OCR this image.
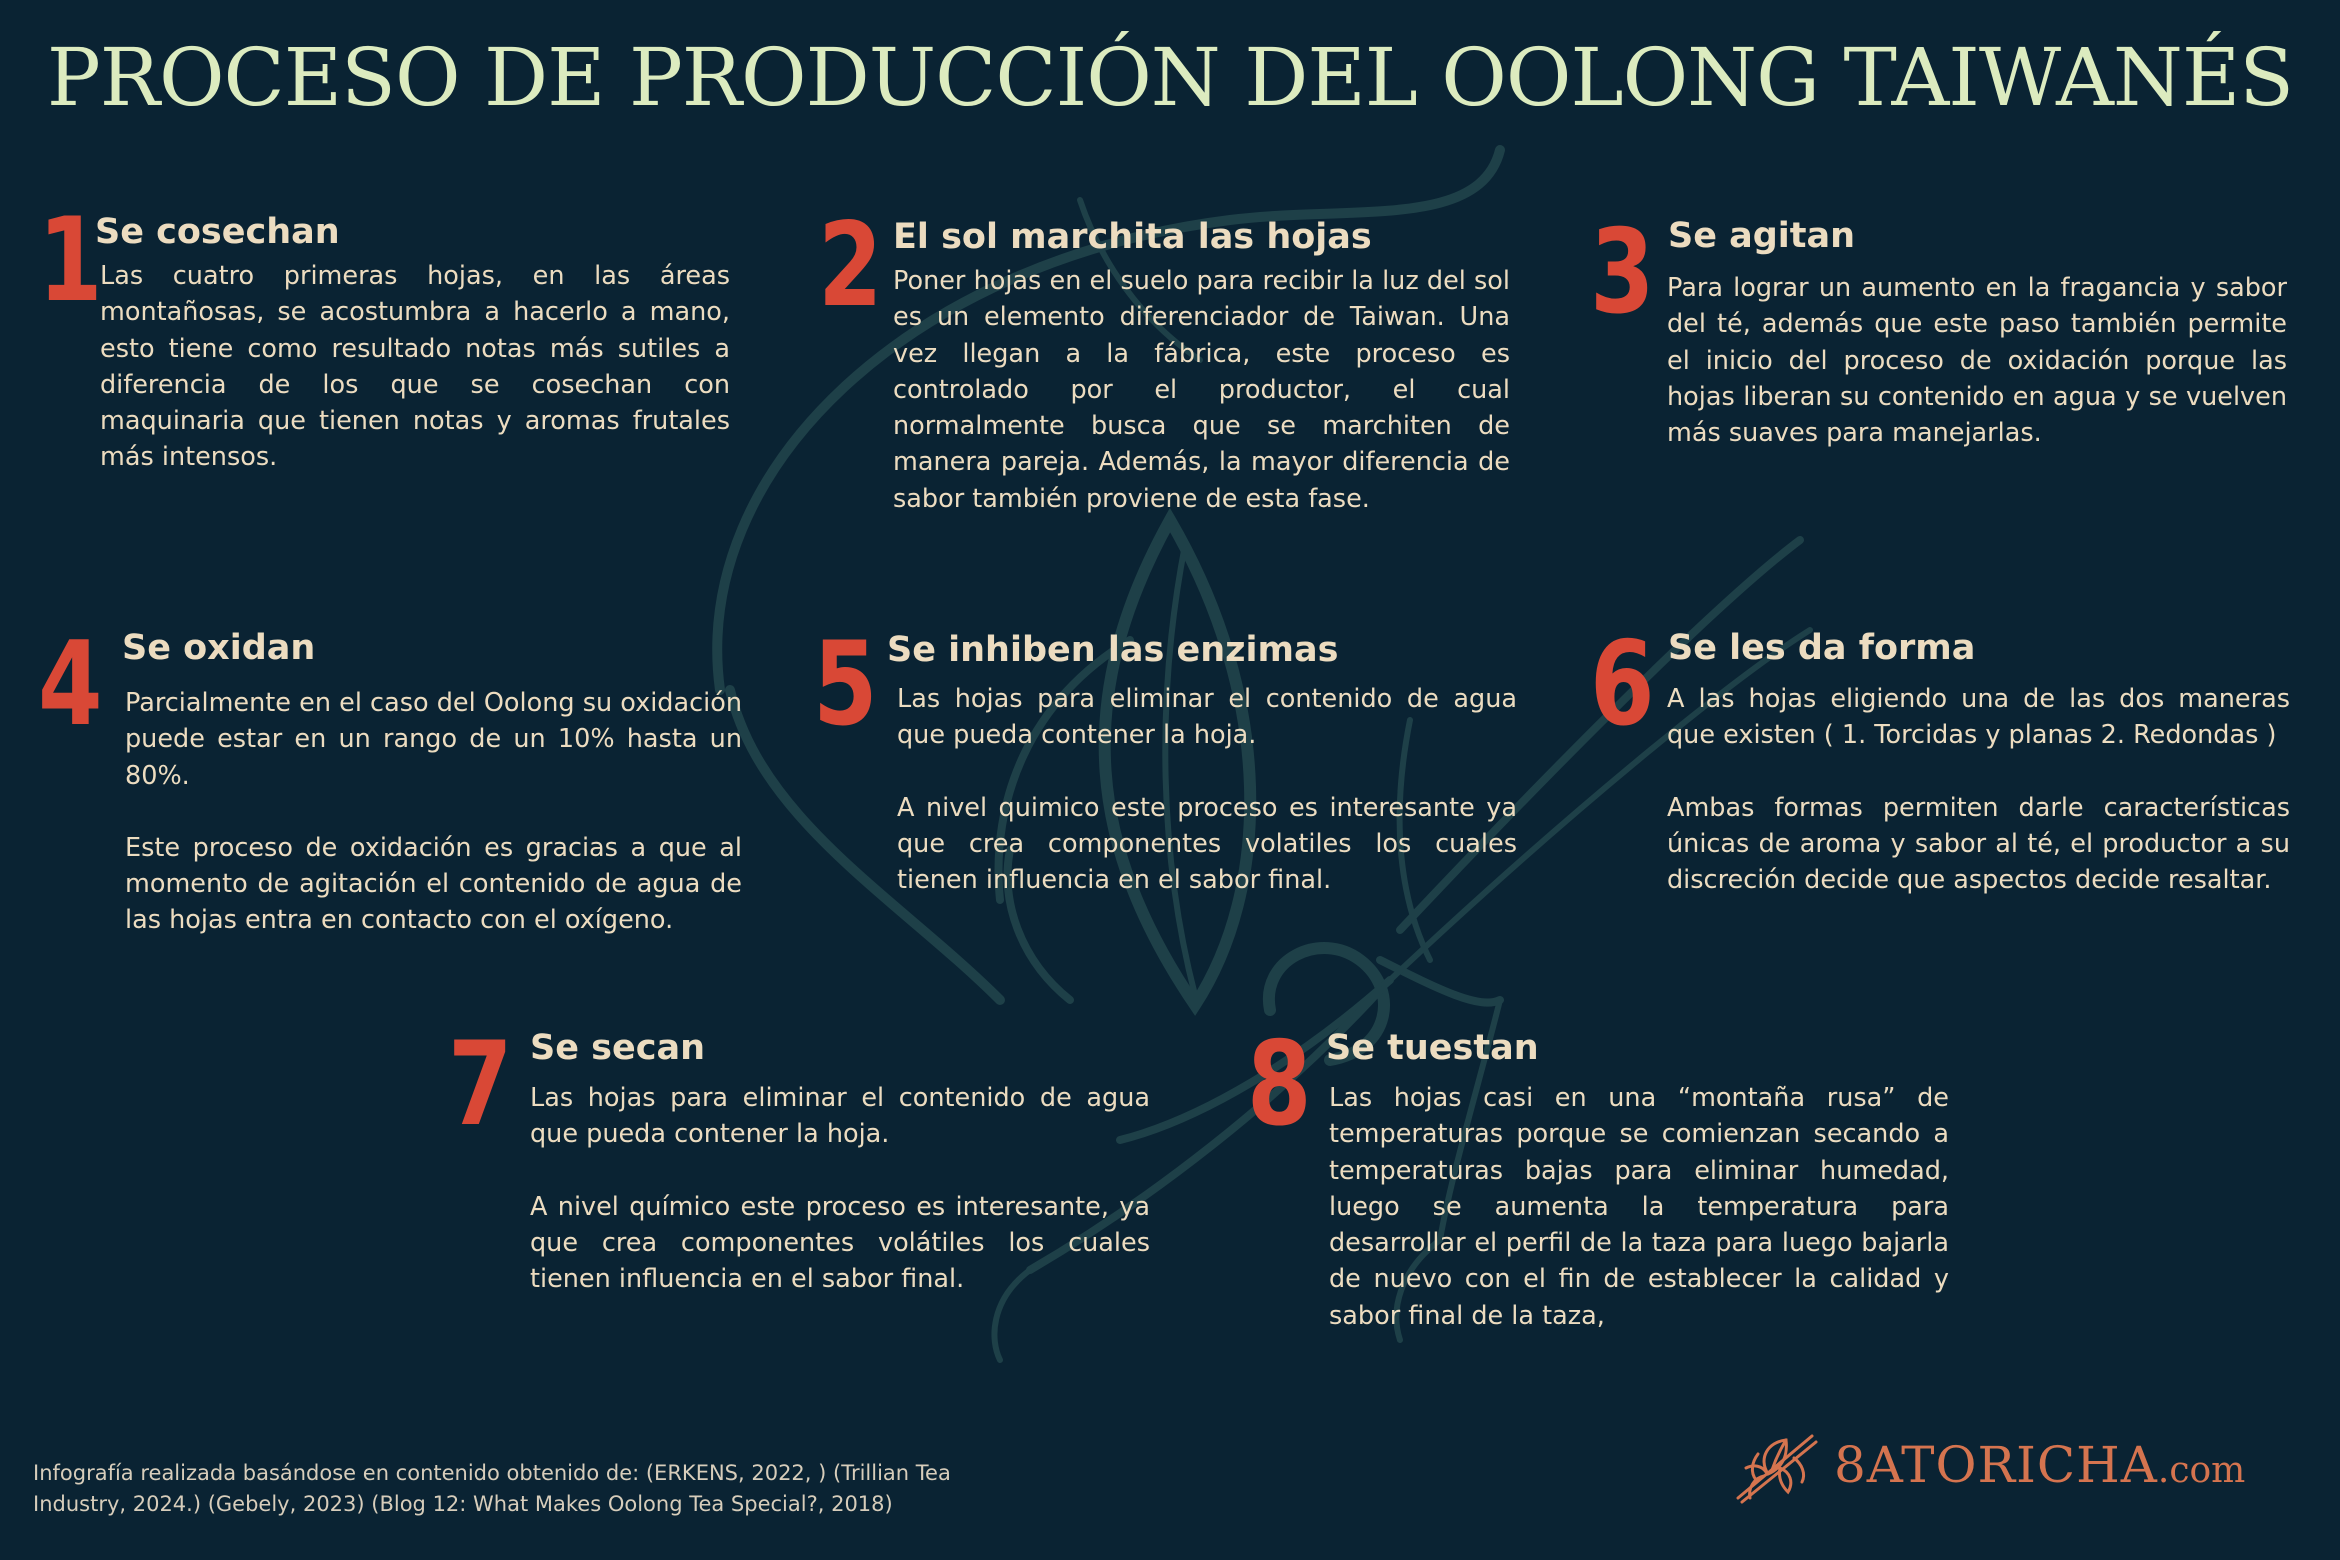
PROCESO DE PRODUCCIÓN DEL OOLONG TAIWANÉS
1
Se cosechan

Las cuatro primeras hojas, en las áreas montañosas, se acostumbra a hacerlo a mano, esto tiene como resultado notas más sutiles a diferencia de los que se cosechan con maquinaria que tienen notas y aromas frutales más intensos.

2 El sol marchita las hojas

Poner hojas en el suelo para recibir la luz del sol es un elemento diferenciador de Taiwan. Una vez llegan a la fábrica, este proceso es controlado por el productor, el cual normalmente busca que se marchiten de manera pareja. Además, la mayor diferencia de sabor también proviene de esta fase.

3 Se agitan

Para lograr un aumento en la fragancia y sabor del té, además que este paso también permite el inicio del proceso de oxidación porque las hojas liberan su contenido en agua y se vuelven más suaves para manejarlas.

4 Se oxidan

Parcialmente en el caso del Oolong su oxidación puede estar en un rango de un 10% hasta un 80%.

Este proceso de oxidación es gracias a que al momento de agitación el contenido de agua de las hojas entra en contacto con el oxígeno.

5 Se inhiben las enzimas

Las hojas para eliminar el contenido de agua que pueda contener la hoja.

A nivel quimico este proceso es interesante ya que crea componentes volatiles los cuales tienen influencia en el sabor final.

6 Se les da forma

A las hojas eligiendo una de las dos maneras que existen ( 1. Torcidas y planas 2. Redondas )

Ambas formas permiten darle características únicas de aroma y sabor al té, el productor a su discreción decide que aspectos decide resaltar.

7 Se secan

Las hojas para eliminar el contenido de agua que pueda contener la hoja.

A nivel químico este proceso es interesante, ya que crea componentes volátiles los cuales tienen influencia en el sabor final.

8 Se tuestan

Las hojas casi en una “montaña rusa” de temperaturas porque se comienzan secando a temperaturas bajas para eliminar humedad, luego se aumenta la temperatura para desarrollar el perfil de la taza para luego bajarla de nuevo con el fin de establecer la calidad y sabor final de la taza,

Infografía realizada basándose en contenido obtenido de: (ERKENS, 2022, ) (Trillian Tea Industry, 2024.) (Gebely, 2023) (Blog 12: What Makes Oolong Tea Special?, 2018)
8ATORICHA.com
